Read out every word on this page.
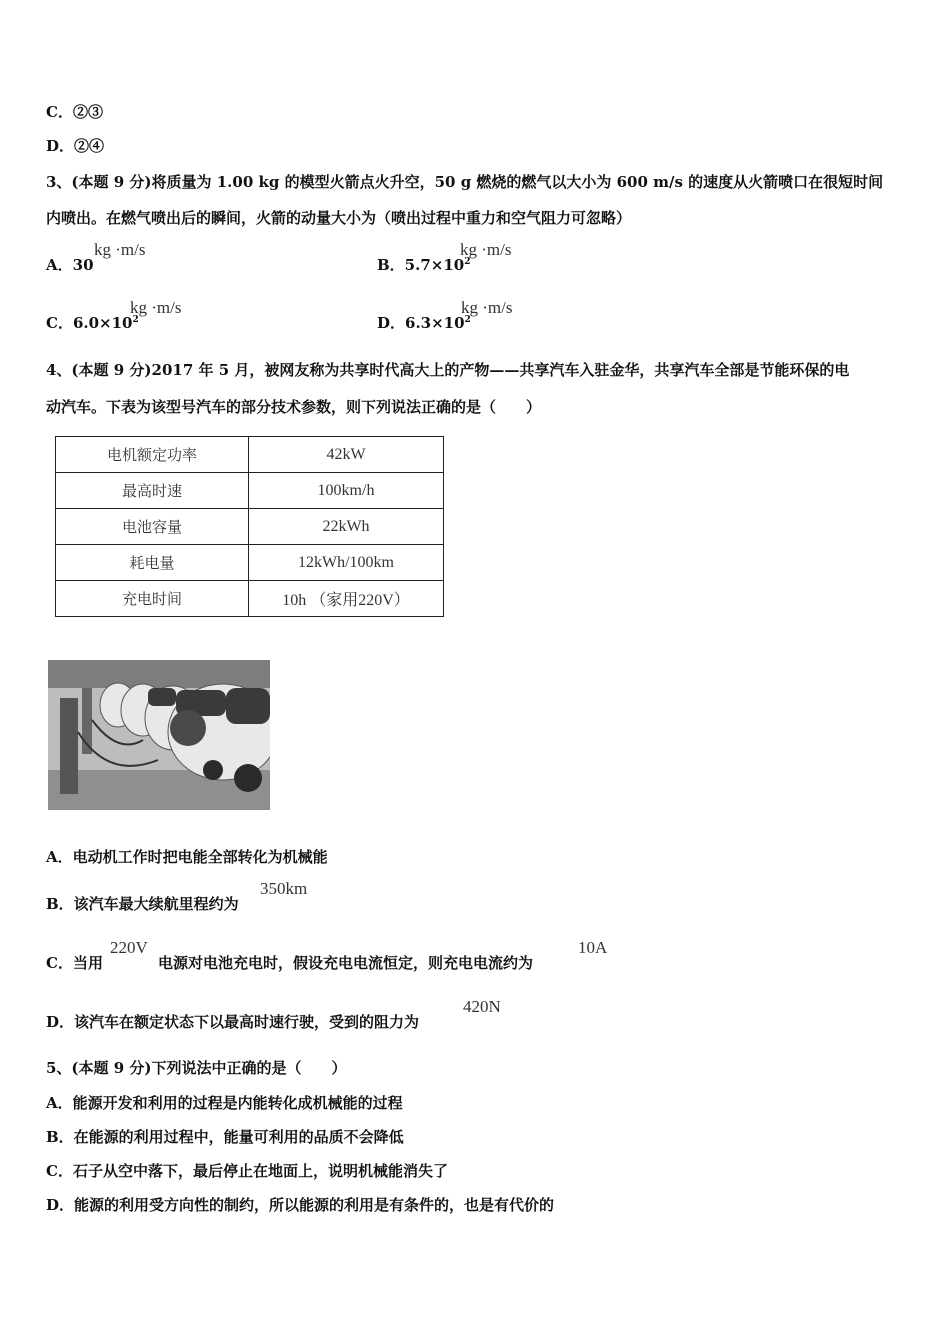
C．②③
D．②④
3、(本题 9 分)将质量为 1.00 kg 的模型火箭点火升空，50 g 燃烧的燃气以大小为 600 m/s 的速度从火箭喷口在很短时间
内喷出。在燃气喷出后的瞬间，火箭的动量大小为（喷出过程中重力和空气阻力可忽略）
A．30
kg ·m/s
B．$5.7\times 10^2$
kg ·m/s
C．$6.0\times 10^2$
kg ·m/s
D．$6.3\times 10^2$
kg ·m/s
4、(本题 9 分)2017 年 5 月，被网友称为共享时代高大上的产物——共享汽车入驻金华，共享汽车全部是节能环保的电
动汽车。下表为该型号汽车的部分技术参数，则下列说法正确的是（　　）
电机额定功率	42kW
最高时速	100km/h
电池容量	22kWh
耗电量	12kWh/100km
充电时间	10h （家用220V）
A．电动机工作时把电能全部转化为机械能
B．该汽车最大续航里程约为
350km
C．当用
220V
电源对电池充电时，假设充电电流恒定，则充电电流约为
10A
D．该汽车在额定状态下以最高时速行驶，受到的阻力为
420N
5、(本题 9 分)下列说法中正确的是（　　）
A．能源开发和利用的过程是内能转化成机械能的过程
B．在能源的利用过程中，能量可利用的品质不会降低
C．石子从空中落下，最后停止在地面上，说明机械能消失了
D．能源的利用受方向性的制约，所以能源的利用是有条件的，也是有代价的
